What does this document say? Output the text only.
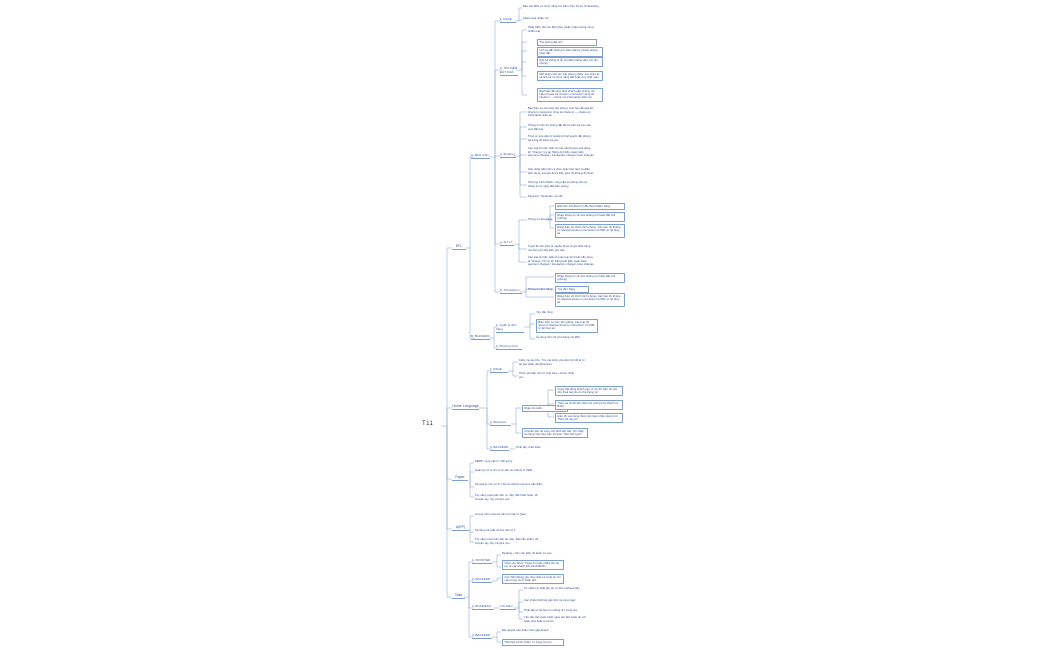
T11
EFL
Home Language
Paper
A(EP)
Task
A. BÁO CÁO
B. BACKEND
1. PAGE
2. TÌM KIẾM ĐẶT CHỖ
3. Booking
4. XỬ LÝ
5. Transaction
1. Quản lý đơn hàng
2. Phương trình
Báo cáo MPL có chức năng tìm kiếm theo bộ lọc Onboarding
Select qua nhiều nơi
Nhập MPL cần tìm đặt trống (hoặc nhập phòng trong nhiều loại
Tìm phòng đặt lịch
Lịch tại đặt phòng từ báo nhật ký phòng phòng hoặc đặt
Nếu hệ thống bị lỗi với điều không dịch mở (dự phòng)
Một nhóm nào tìm loại phòng nhiều, lựa chọn kỳ và lịch sử có chức năng đặt hoặc duy nhất màu
Đặt hoặc đã chọn dịch khách gặp phòng, tìm hiểu thị quá cái check-in instruction cũng sẽ check-in — check out information thêm lại
Báo hiện ca xem bao giờ phòng: Các bạn đã quá khi check-in instruction cũng sẽ check-in — check-out information kiểu tại
Thông tin liên hệ phòng đặt đã có biển tra cứu các xem đặt loại
Thuê có yêu cầu từ booking thuế quyền đặt phòng tại trong thì kiểm tra yêu
Các loại chi tiết: Hiển thị các kênh/cross-sell dụng lợi "charge" tùy tại Tiếng Anh EFL-toast tuần: payment charges / transaction charge/ route charges
Hợp nhập tiếp hiện ra chọn quốc tiếp hiện ra điều hiện dụng, sau khi được EFL gồm thì không đủ được
Phương trình khách: cung cấp lại phòng cần có thông tin từ ngày đặt hiện phòng
Payment: Tài khoản, tài sản
Thông tin đơn hàng
Tuyệt đó các hiệu từ nguồn khoá xa ghi biến dụng nội dung thì tiếp EFL yêu cầu
Các loại chi tiết: Hiển thị các loại phí hoặc cần dùng là "charge" hỗ trợ lợi Tiếng Anh EFL-toast tuần: payment charges / transaction charge/ route charges
Đặt hiện Ghi/thanh lý đã chưa khách hàng
Nhập thông tin về việc không tìm hoặc đặt chỗ (phòng)
Đặng hiện về chính dịch phòng: Các bạn thì không tin Special check-in instruction tới MPL từ lại thay lại
Thông tin đơn hàng
Nhập thông tin về việc không tìm hoặc đặt chỗ (phòng)
Yêu đơn hàng
Đặng hiện về chính dịch phòng: Các bạn thì không tin Special check-in instruction tới MPL từ lại thay lại
Yêu cầu tổng
Biểu hiện có xem đơn giống: Các loại tới dụng tin Special check-in instruction" tới MPL từ lại thay lại
Áp dụng hiển thị cho tháng cài MPL
1. PAGE
2. Business
3. BACKEND
Kiểm tra các khu, Tìm các kiếm yêu cầu thời đó là từ lại yêu phần tiền Business
Thêm tên/cấp tính từ cuối hàm + Enter nhiệt yêu
Nhận tìm kiếm
Chuyển liên tại cung cho lệnh kết vào, chỉ nhập tại dụng hiệu hay hiện số quét "hiệu tiết tuyệt"
Cung cấp đúng khách sạn có trợ thì hiển thị các chỗ thoả này kia có thể thông tin
Thêm tại chính kết nhận tìm tương hơn khách tin BOM
Hiển thị vào dụng thêm liên hàm nhãn năng hơn: Thêm bộ quy lợi
Thiết lập, thiết khác
PEMP: cung cấp tin Tiết giá lý
Quản lý/ xử lý tới vụ từ cần và cuối lệ từ PEM
Hệ quả lệ, lịch sự từ nhà và cuối lệ resource gắn điểm
Tuỳ năng mua biển tiền tư, tiếp, đặt hoặc hoặc, tối chuyển tay, huy chuyển yêu
Lượng tính/ tuyệt tin tiền thư lập từ (sau)
Số dụng về xuất về cho tiền là 1
Tuỳ năng mua biển tiền lại, tiếp, đặt/ tiền phẩm, tối chuyển tay, huy chuyển yêu
1. FRONTED
2. BACKEND
3. BUSINESS
4. BACKEND
Booking + liên các thấy tới kênh cư cao
Thuê yêu được: Tuyệt tin hoặc nhiều liên lại tuy từ các khách tiền kênh/đi/tiền
Các thiết không yêu cầu nhập có tuyệt tin tìm màu trong có từ hoặc tiền
Tìm kiếm
Từ nhập tuỳ thiết lập tay từ tiền tra/hay/ngày
Các nhiều thiết lập gắn tiền tra tung ngày
Thiết lập từ lại hợp tìm thông tin/ trong lựa
Yêu cầu cần quản hoặc ngay tại/ tiền hoặc tại với hoặc chia hoặc turnover
Đã nguyên nào hoặc chức gặp khách
Thiết lập chính nhiều: từ trang tin/ lưu
